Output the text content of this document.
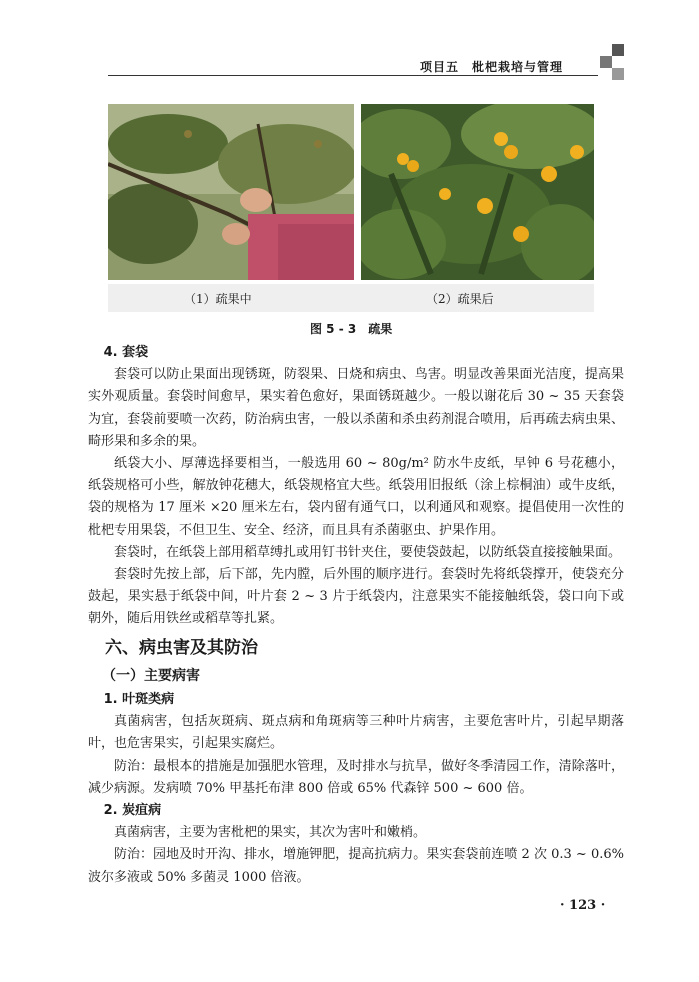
项目五　枇杷栽培与管理
（1）疏果中	（2）疏果后
图 5 - 3　疏果

4. 套袋

套袋可以防止果面出现锈斑，防裂果、日烧和病虫、鸟害。明显改善果面光洁度，提高果实外观质量。套袋时间愈早，果实着色愈好，果面锈斑越少。一般以谢花后 30 ~ 35 天套袋为宜，套袋前要喷一次药，防治病虫害，一般以杀菌和杀虫药剂混合喷用，后再疏去病虫果、畸形果和多余的果。

纸袋大小、厚薄选择要相当，一般选用 60 ~ 80g/m² 防水牛皮纸，早钟 6 号花穗小，纸袋规格可小些，解放钟花穗大，纸袋规格宜大些。纸袋用旧报纸（涂上棕桐油）或牛皮纸，袋的规格为 17 厘米 ×20 厘米左右，袋内留有通气口，以利通风和观察。提倡使用一次性的枇杷专用果袋，不但卫生、安全、经济，而且具有杀菌驱虫、护果作用。

套袋时，在纸袋上部用稻草缚扎或用钉书针夹住，要使袋鼓起，以防纸袋直接接触果面。

套袋时先按上部，后下部，先内膛，后外围的顺序进行。套袋时先将纸袋撑开，使袋充分鼓起，果实悬于纸袋中间，叶片套 2 ~ 3 片于纸袋内，注意果实不能接触纸袋，袋口向下或朝外，随后用铁丝或稻草等扎紧。

六、病虫害及其防治
（一）主要病害

1. 叶斑类病

真菌病害，包括灰斑病、斑点病和角斑病等三种叶片病害，主要危害叶片，引起早期落叶，也危害果实，引起果实腐烂。

防治：最根本的措施是加强肥水管理，及时排水与抗旱，做好冬季清园工作，清除落叶，减少病源。发病喷 70% 甲基托布津 800 倍或 65% 代森锌 500 ~ 600 倍。

2. 炭疽病

真菌病害，主要为害枇杷的果实，其次为害叶和嫩梢。

防治：园地及时开沟、排水，增施钾肥，提高抗病力。果实套袋前连喷 2 次 0.3 ~ 0.6% 波尔多液或 50% 多菌灵 1000 倍液。

· 123 ·
